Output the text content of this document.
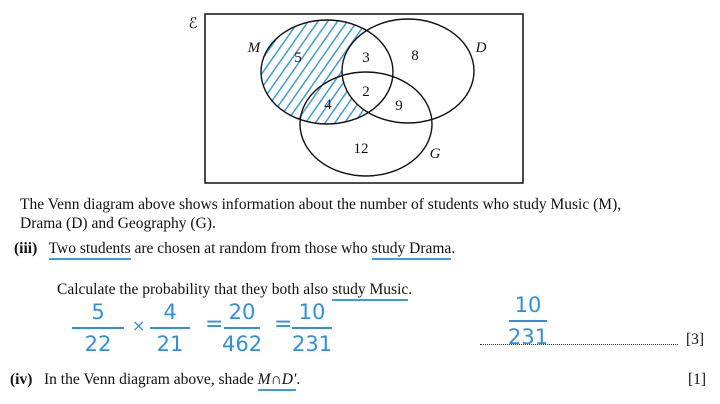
ℰ
M	D
G
5	3	8
2
4	9
12
The Venn diagram above shows information about the number of students who study Music (M),
Drama (D) and Geography (G).
(iii) Two students are chosen at random from those who study Drama.
Calculate the probability that they both also study Music.
5
22
×
4
21
= 20
462
= 10
231
10
231	[3]
(iv) In the Venn diagram above, shade M∩D′.	[1]
